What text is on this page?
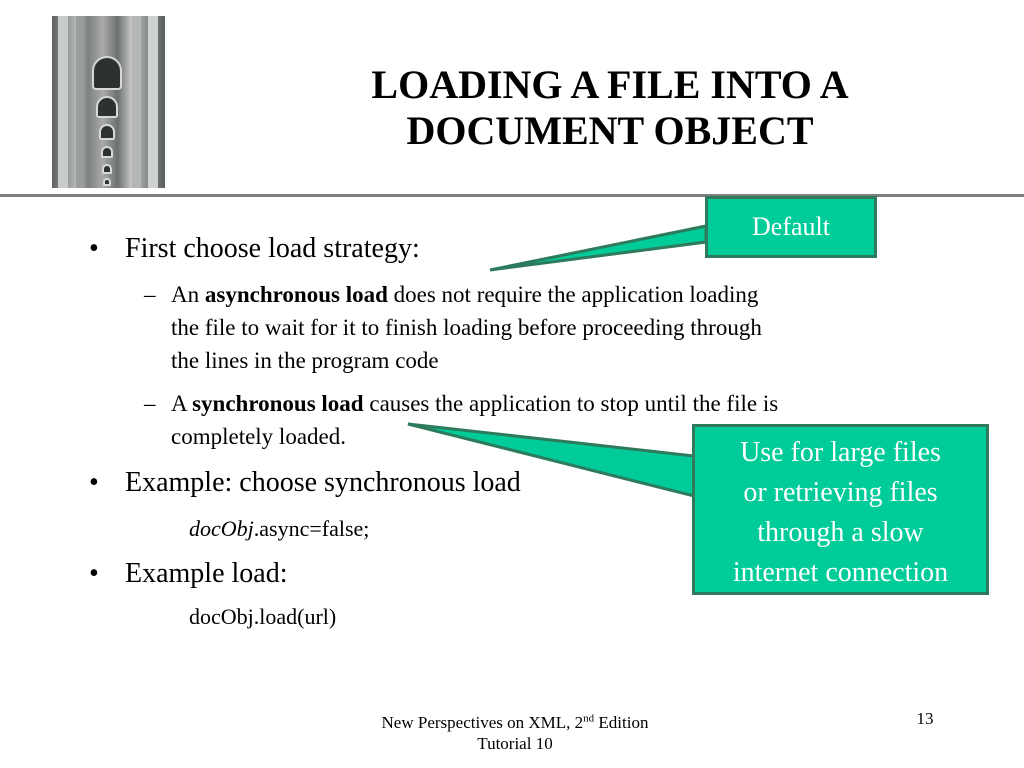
LOADING A FILE INTO A
DOCUMENT OBJECT
• First choose load strategy:
– An asynchronous load does not require the application loading
the file to wait for it to finish loading before proceeding through
the lines in the program code
– A synchronous load causes the application to stop until the file is
completely loaded.
• Example: choose synchronous load
docObj.async=false;
• Example load:
docObj.load(url)
Default
Use for large files
or retrieving files
through a slow
internet connection
New Perspectives on XML, 2nd Edition
Tutorial 10
13
